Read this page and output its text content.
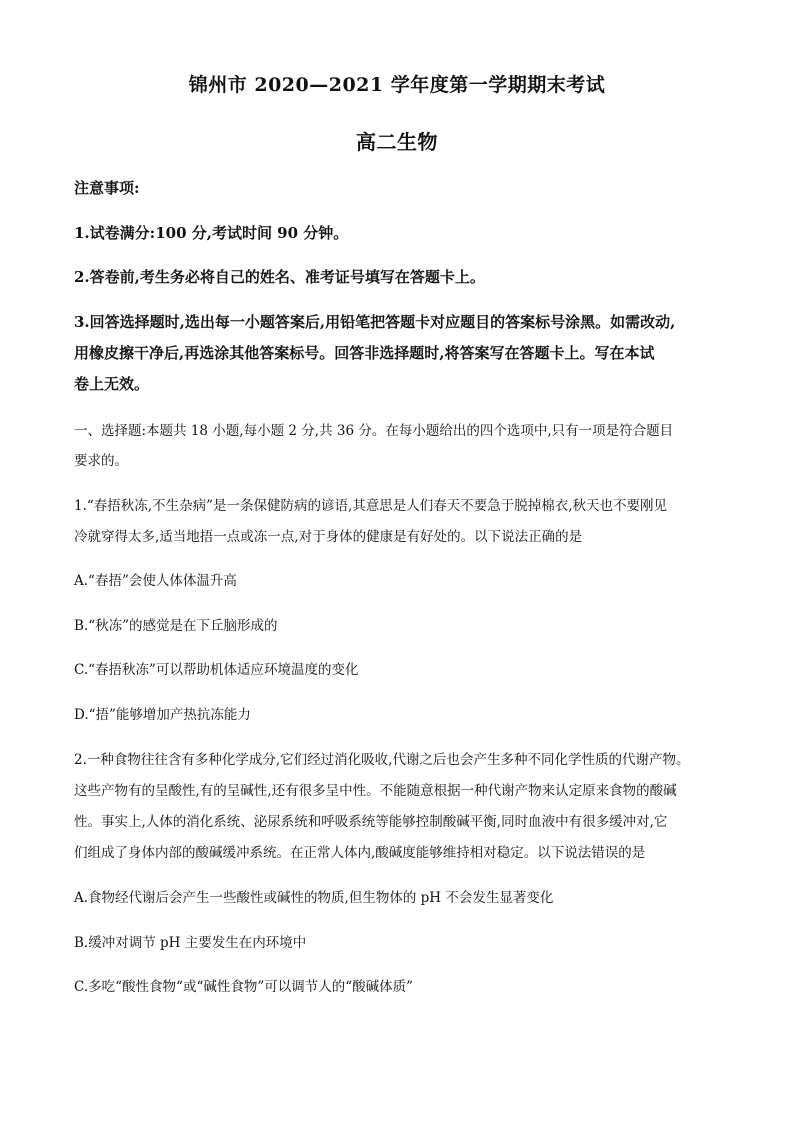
锦州市 2020—2021 学年度第一学期期末考试
高二生物
注意事项:
1.试卷满分:100 分,考试时间 90 分钟。
2.答卷前,考生务必将自己的姓名、准考证号填写在答题卡上。
3.回答选择题时,选出每一小题答案后,用铅笔把答题卡对应题目的答案标号涂黑。如需改动,
用橡皮擦干净后,再选涂其他答案标号。回答非选择题时,将答案写在答题卡上。写在本试
卷上无效。
一、选择题:本题共 18 小题,每小题 2 分,共 36 分。在每小题给出的四个选项中,只有一项是符合题目
要求的。
1.“春捂秋冻,不生杂病”是一条保健防病的谚语,其意思是人们春天不要急于脱掉棉衣,秋天也不要刚见
冷就穿得太多,适当地捂一点或冻一点,对于身体的健康是有好处的。以下说法正确的是
A.“春捂”会使人体体温升高
B.“秋冻”的感觉是在下丘脑形成的
C.“春捂秋冻”可以帮助机体适应环境温度的变化
D.“捂”能够增加产热抗冻能力
2.一种食物往往含有多种化学成分,它们经过消化吸收,代谢之后也会产生多种不同化学性质的代谢产物。
这些产物有的呈酸性,有的呈碱性,还有很多呈中性。不能随意根据一种代谢产物来认定原来食物的酸碱
性。事实上,人体的消化系统、泌尿系统和呼吸系统等能够控制酸碱平衡,同时血液中有很多缓冲对,它
们组成了身体内部的酸碱缓冲系统。在正常人体内,酸碱度能够维持相对稳定。以下说法错误的是
A.食物经代谢后会产生一些酸性或碱性的物质,但生物体的 pH 不会发生显著变化
B.缓冲对调节 pH 主要发生在内环境中
C.多吃“酸性食物“或“碱性食物”可以调节人的“酸碱体质”
